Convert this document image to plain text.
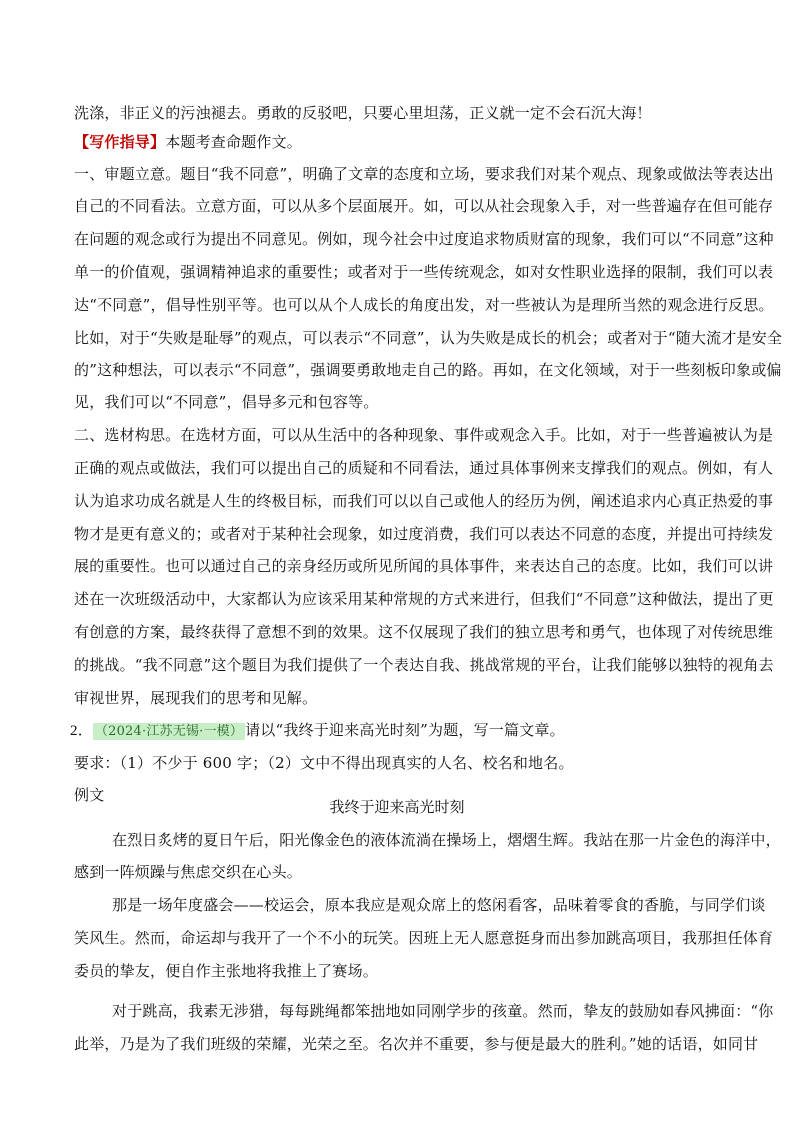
洗涤，非正义的污浊褪去。勇敢的反驳吧，只要心里坦荡，正义就一定不会石沉大海！
【写作指导】本题考查命题作文。
一、审题立意。题目“我不同意”，明确了文章的态度和立场，要求我们对某个观点、现象或做法等表达出
自己的不同看法。立意方面，可以从多个层面展开。如，可以从社会现象入手，对一些普遍存在但可能存
在问题的观念或行为提出不同意见。例如，现今社会中过度追求物质财富的现象，我们可以“不同意”这种
单一的价值观，强调精神追求的重要性；或者对于一些传统观念，如对女性职业选择的限制，我们可以表
达“不同意”，倡导性别平等。也可以从个人成长的角度出发，对一些被认为是理所当然的观念进行反思。
比如，对于“失败是耻辱”的观点，可以表示“不同意”，认为失败是成长的机会；或者对于“随大流才是安全
的”这种想法，可以表示“不同意”，强调要勇敢地走自己的路。再如，在文化领域，对于一些刻板印象或偏
见，我们可以“不同意”，倡导多元和包容等。
二、选材构思。在选材方面，可以从生活中的各种现象、事件或观念入手。比如，对于一些普遍被认为是
正确的观点或做法，我们可以提出自己的质疑和不同看法，通过具体事例来支撑我们的观点。例如，有人
认为追求功成名就是人生的终极目标，而我们可以以自己或他人的经历为例，阐述追求内心真正热爱的事
物才是更有意义的；或者对于某种社会现象，如过度消费，我们可以表达不同意的态度，并提出可持续发
展的重要性。也可以通过自己的亲身经历或所见所闻的具体事件，来表达自己的态度。比如，我们可以讲
述在一次班级活动中，大家都认为应该采用某种常规的方式来进行，但我们“不同意”这种做法，提出了更
有创意的方案，最终获得了意想不到的效果。这不仅展现了我们的独立思考和勇气，也体现了对传统思维
的挑战。“我不同意”这个题目为我们提供了一个表达自我、挑战常规的平台，让我们能够以独特的视角去
审视世界，展现我们的思考和见解。
2． （2024·江苏无锡·一模） 请以“我终于迎来高光时刻”为题，写一篇文章。
要求：（1）不少于 600 字；（2）文中不得出现真实的人名、校名和地名。
例文
我终于迎来高光时刻
在烈日炙烤的夏日午后，阳光像金色的液体流淌在操场上，熠熠生辉。我站在那一片金色的海洋中，
感到一阵烦躁与焦虑交织在心头。
那是一场年度盛会——校运会，原本我应是观众席上的悠闲看客，品味着零食的香脆，与同学们谈
笑风生。然而，命运却与我开了一个不小的玩笑。因班上无人愿意挺身而出参加跳高项目，我那担任体育
委员的挚友，便自作主张地将我推上了赛场。
对于跳高，我素无涉猎，每每跳绳都笨拙地如同刚学步的孩童。然而，挚友的鼓励如春风拂面：“你
此举，乃是为了我们班级的荣耀，光荣之至。名次并不重要，参与便是最大的胜利。”她的话语，如同甘
